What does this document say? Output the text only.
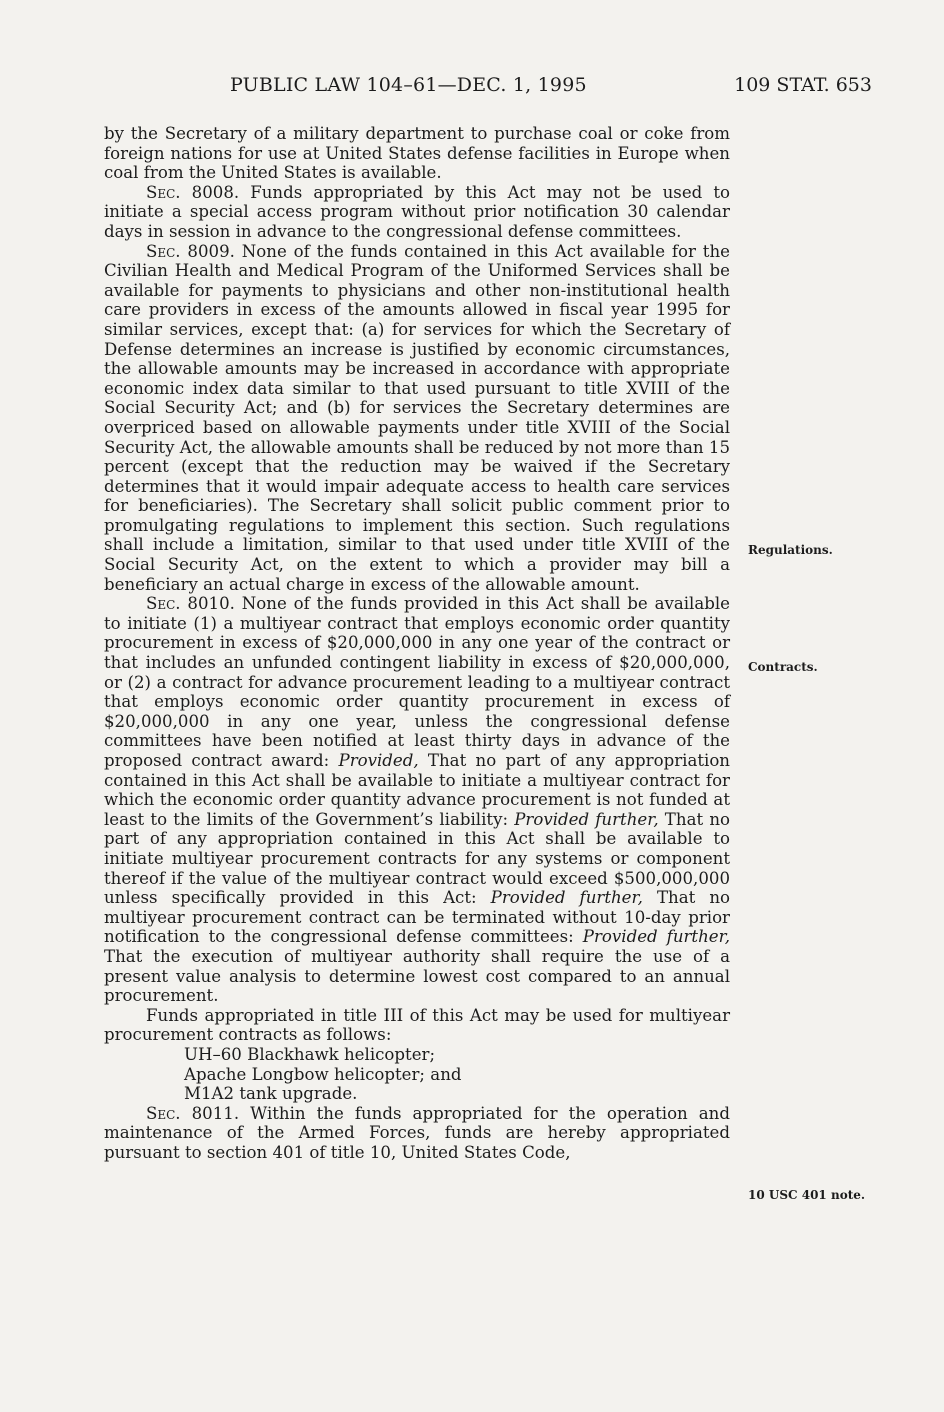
PUBLIC LAW 104–61—DEC. 1, 1995	109 STAT. 653

by the Secretary of a military department to purchase coal or coke from foreign nations for use at United States defense facilities in Europe when coal from the United States is available.

Sec. 8008. Funds appropriated by this Act may not be used to initiate a special access program without prior notification 30 calendar days in session in advance to the congressional defense committees.

Sec. 8009. None of the funds contained in this Act available for the Civilian Health and Medical Program of the Uniformed Services shall be available for payments to physicians and other non-institutional health care providers in excess of the amounts allowed in fiscal year 1995 for similar services, except that: (a) for services for which the Secretary of Defense determines an increase is justified by economic circumstances, the allowable amounts may be increased in accordance with appropriate economic index data similar to that used pursuant to title XVIII of the Social Security Act; and (b) for services the Secretary determines are overpriced based on allowable payments under title XVIII of the Social Security Act, the allowable amounts shall be reduced by not more than 15 percent (except that the reduction may be waived if the Secretary determines that it would impair adequate access to health care services for beneficiaries). The Secretary shall solicit public comment prior to promulgating regulations to implement this section. Such regulations shall include a limitation, similar to that used under title XVIII of the Social Security Act, on the extent to which a provider may bill a beneficiary an actual charge in excess of the allowable amount.

Sec. 8010. None of the funds provided in this Act shall be available to initiate (1) a multiyear contract that employs economic order quantity procurement in excess of $20,000,000 in any one year of the contract or that includes an unfunded contingent liability in excess of $20,000,000, or (2) a contract for advance procurement leading to a multiyear contract that employs economic order quantity procurement in excess of $20,000,000 in any one year, unless the congressional defense committees have been notified at least thirty days in advance of the proposed contract award: Provided, That no part of any appropriation contained in this Act shall be available to initiate a multiyear contract for which the economic order quantity advance procurement is not funded at least to the limits of the Government’s liability: Provided further, That no part of any appropriation contained in this Act shall be available to initiate multiyear procurement contracts for any systems or component thereof if the value of the multiyear contract would exceed $500,000,000 unless specifically provided in this Act: Provided further, That no multiyear procurement contract can be terminated without 10-day prior notification to the congressional defense committees: Provided further, That the execution of multiyear authority shall require the use of a present value analysis to determine lowest cost compared to an annual procurement.

Funds appropriated in title III of this Act may be used for multiyear procurement contracts as follows:

UH–60 Blackhawk helicopter;

Apache Longbow helicopter; and

M1A2 tank upgrade.

Sec. 8011. Within the funds appropriated for the operation and maintenance of the Armed Forces, funds are hereby appropriated pursuant to section 401 of title 10, United States Code,

Regulations.
Contracts.
10 USC 401 note.
